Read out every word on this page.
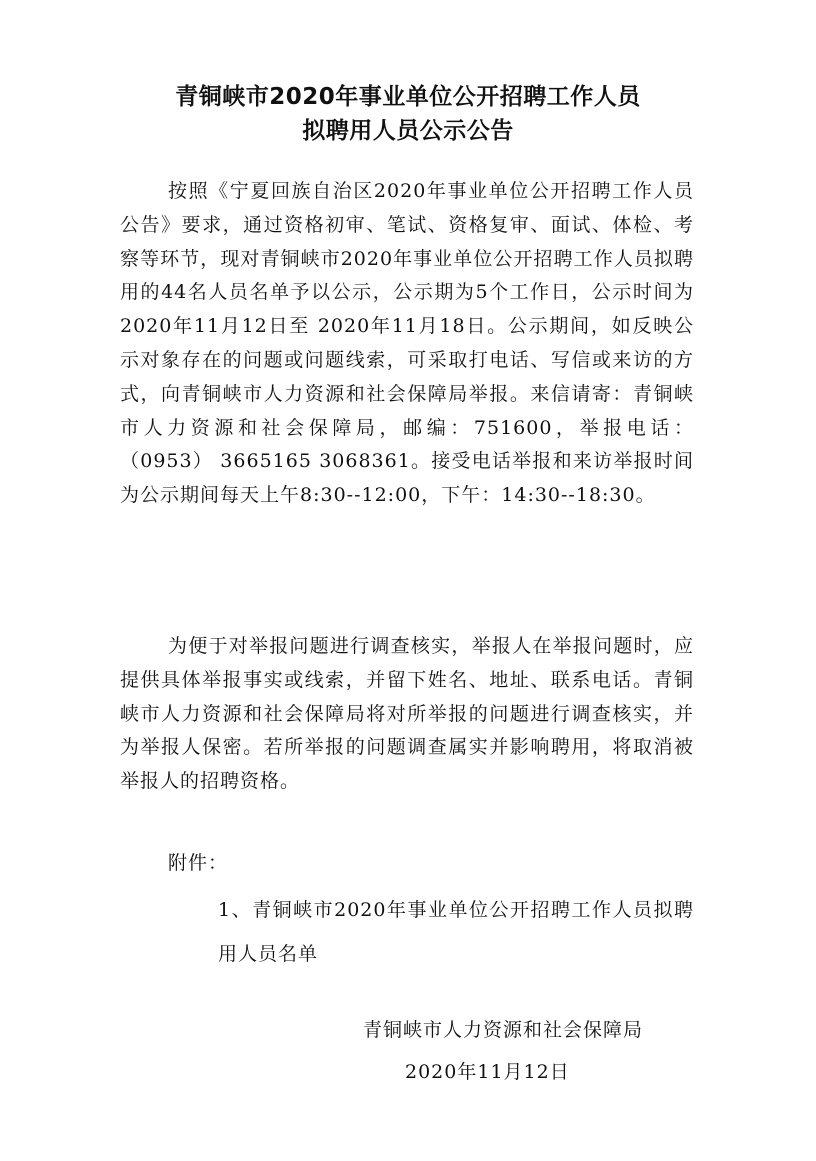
青铜峡市2020年事业单位公开招聘工作人员
拟聘用人员公示公告

按照《宁夏回族自治区2020年事业单位公开招聘工作人员公告》要求，通过资格初审、笔试、资格复审、面试、体检、考察等环节，现对青铜峡市2020年事业单位公开招聘工作人员拟聘用的44名人员名单予以公示，公示期为5个工作日，公示时间为2020年11月12日至 2020年11月18日。公示期间，如反映公示对象存在的问题或问题线索，可采取打电话、写信或来访的方式，向青铜峡市人力资源和社会保障局举报。来信请寄：青铜峡市人力资源和社会保障局，邮编：751600，举报电话：（0953） 3665165 3068361。接受电话举报和来访举报时间为公示期间每天上午8:30--12:00，下午：14:30--18:30。

为便于对举报问题进行调查核实，举报人在举报问题时，应提供具体举报事实或线索，并留下姓名、地址、联系电话。青铜峡市人力资源和社会保障局将对所举报的问题进行调查核实，并为举报人保密。若所举报的问题调查属实并影响聘用，将取消被举报人的招聘资格。

附件：
1、青铜峡市2020年事业单位公开招聘工作人员拟聘用人员名单
青铜峡市人力资源和社会保障局
2020年11月12日
